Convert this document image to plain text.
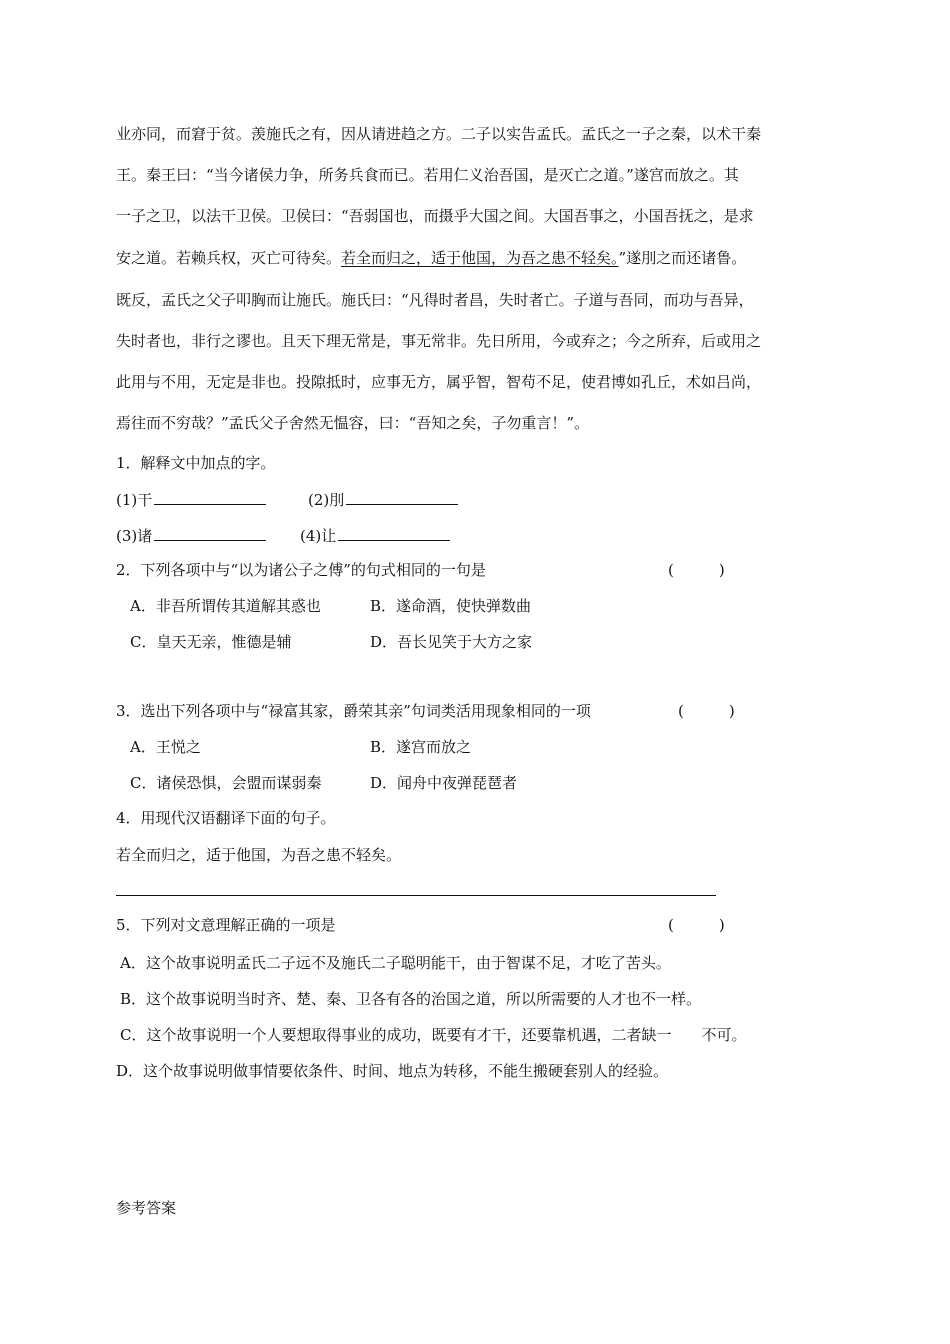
业亦同，而窘于贫。羡施氏之有，因从请进趋之方。二子以实告孟氏。孟氏之一子之秦，以术干秦
王。秦王曰：“当今诸侯力争，所务兵食而已。若用仁义治吾国，是灭亡之道。”遂宫而放之。其
一子之卫，以法干卫侯。卫侯曰：“吾弱国也，而摄乎大国之间。大国吾事之，小国吾抚之，是求
安之道。若赖兵权，灭亡可待矣。若全而归之，适于他国，为吾之患不轻矣。”遂刖之而还诸鲁。
既反，孟氏之父子叩胸而让施氏。施氏曰：“凡得时者昌，失时者亡。子道与吾同，而功与吾异，
失时者也，非行之谬也。且天下理无常是，事无常非。先日所用，今或弃之；今之所弃，后或用之
此用与不用，无定是非也。投隙抵时，应事无方，属乎智，智苟不足，使君博如孔丘，术如吕尚，
焉往而不穷哉？”孟氏父子舍然无愠容，曰：“吾知之矣，子勿重言！”。
1．解释文中加点的字。
(1)干	(2)刖
(3)诸	(4)让
2．下列各项中与“以为诸公子之傅”的句式相同的一句是	(　　　)
A．非吾所谓传其道解其惑也	B．遂命酒，使快弹数曲
C．皇天无亲，惟德是辅	D．吾长见笑于大方之家
3．选出下列各项中与“禄富其家，爵荣其亲”句词类活用现象相同的一项	(　　　)
A．王悦之	B．遂宫而放之
C．诸侯恐惧，会盟而谋弱秦	D．闻舟中夜弹琵琶者
4．用现代汉语翻译下面的句子。
若全而归之，适于他国，为吾之患不轻矣。
5．下列对文意理解正确的一项是	(　　　)
A．这个故事说明孟氏二子远不及施氏二子聪明能干，由于智谋不足，才吃了苦头。
B．这个故事说明当时齐、楚、秦、卫各有各的治国之道，所以所需要的人才也不一样。
C．这个故事说明一个人要想取得事业的成功，既要有才干，还要靠机遇，二者缺一　　不可。
D．这个故事说明做事情要依条件、时间、地点为转移，不能生搬硬套别人的经验。
参考答案
